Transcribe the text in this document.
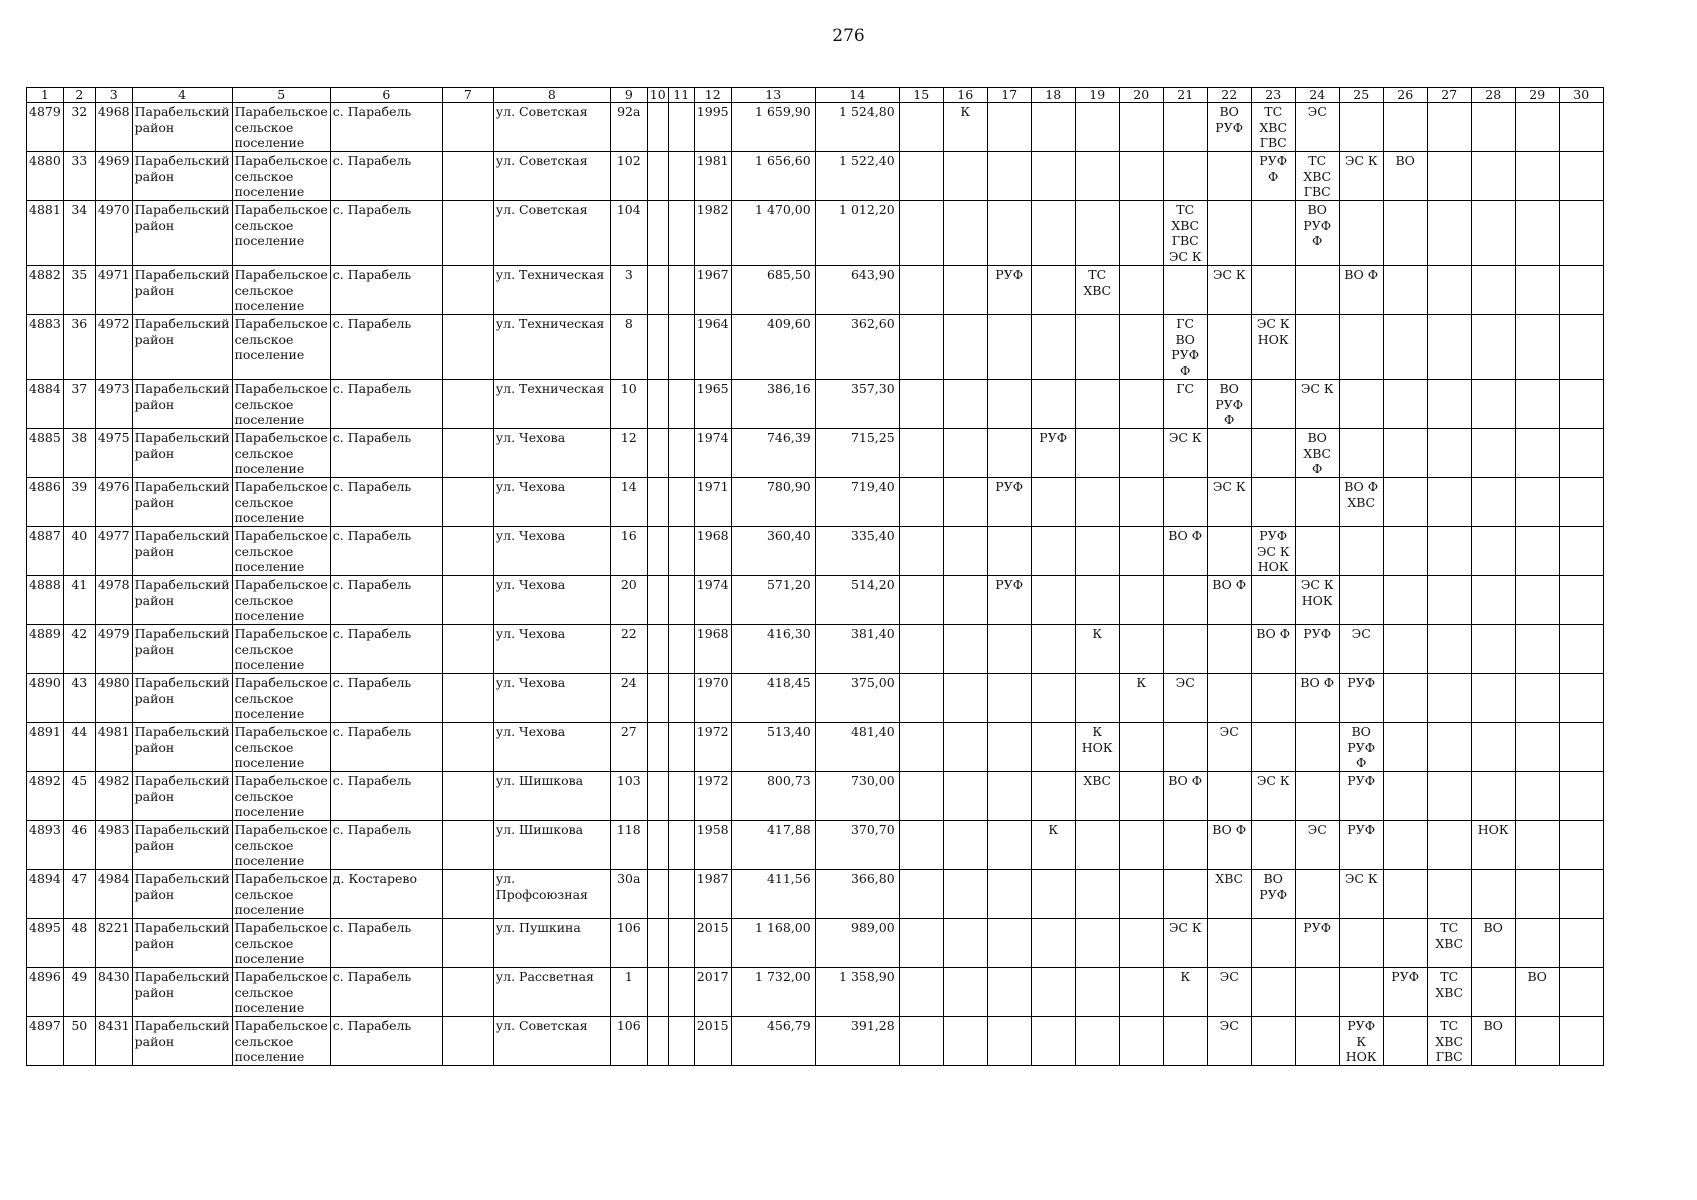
276
1	2	3	4	5	6	7	8	9	10	11	12	13	14	15	16	17	18	19	20	21	22	23	24	25	26	27	28	29	30
4879	32	4968	Парабельский район	Парабельское сельское поселение	с. Парабель		ул. Советская	92а			1995	1 659,90	1 524,80		К						ВО РУФ	ТС ХВС ГВС	ЭС						
4880	33	4969	Парабельский район	Парабельское сельское поселение	с. Парабель		ул. Советская	102			1981	1 656,60	1 522,40									РУФ Ф	ТС ХВС ГВС	ЭС К	ВО				
4881	34	4970	Парабельский район	Парабельское сельское поселение	с. Парабель		ул. Советская	104			1982	1 470,00	1 012,20							ТС ХВС ГВС ЭС К			ВО РУФ Ф						
4882	35	4971	Парабельский район	Парабельское сельское поселение	с. Парабель		ул. Техническая	3			1967	685,50	643,90			РУФ		ТС ХВС			ЭС К			ВО Ф					
4883	36	4972	Парабельский район	Парабельское сельское поселение	с. Парабель		ул. Техническая	8			1964	409,60	362,60							ГС ВО РУФ Ф		ЭС К НОК							
4884	37	4973	Парабельский район	Парабельское сельское поселение	с. Парабель		ул. Техническая	10			1965	386,16	357,30							ГС	ВО РУФ Ф		ЭС К						
4885	38	4975	Парабельский район	Парабельское сельское поселение	с. Парабель		ул. Чехова	12			1974	746,39	715,25				РУФ			ЭС К			ВО ХВС Ф						
4886	39	4976	Парабельский район	Парабельское сельское поселение	с. Парабель		ул. Чехова	14			1971	780,90	719,40			РУФ					ЭС К			ВО Ф ХВС					
4887	40	4977	Парабельский район	Парабельское сельское поселение	с. Парабель		ул. Чехова	16			1968	360,40	335,40							ВО Ф		РУФ ЭС К НОК							
4888	41	4978	Парабельский район	Парабельское сельское поселение	с. Парабель		ул. Чехова	20			1974	571,20	514,20			РУФ					ВО Ф		ЭС К НОК						
4889	42	4979	Парабельский район	Парабельское сельское поселение	с. Парабель		ул. Чехова	22			1968	416,30	381,40					К				ВО Ф	РУФ	ЭС					
4890	43	4980	Парабельский район	Парабельское сельское поселение	с. Парабель		ул. Чехова	24			1970	418,45	375,00						К	ЭС			ВО Ф	РУФ					
4891	44	4981	Парабельский район	Парабельское сельское поселение	с. Парабель		ул. Чехова	27			1972	513,40	481,40					К НОК			ЭС			ВО РУФ Ф					
4892	45	4982	Парабельский район	Парабельское сельское поселение	с. Парабель		ул. Шишкова	103			1972	800,73	730,00					ХВС		ВО Ф		ЭС К		РУФ					
4893	46	4983	Парабельский район	Парабельское сельское поселение	с. Парабель		ул. Шишкова	118			1958	417,88	370,70				К				ВО Ф		ЭС	РУФ			НОК		
4894	47	4984	Парабельский район	Парабельское сельское поселение	д. Костарево		ул. Профсоюзная	30а			1987	411,56	366,80								ХВС	ВО РУФ		ЭС К					
4895	48	8221	Парабельский район	Парабельское сельское поселение	с. Парабель		ул. Пушкина	106			2015	1 168,00	989,00							ЭС К			РУФ			ТС ХВС	ВО		
4896	49	8430	Парабельский район	Парабельское сельское поселение	с. Парабель		ул. Рассветная	1			2017	1 732,00	1 358,90							К	ЭС				РУФ	ТС ХВС		ВО	
4897	50	8431	Парабельский район	Парабельское сельское поселение	с. Парабель		ул. Советская	106			2015	456,79	391,28								ЭС			РУФ К НОК		ТС ХВС ГВС	ВО		
